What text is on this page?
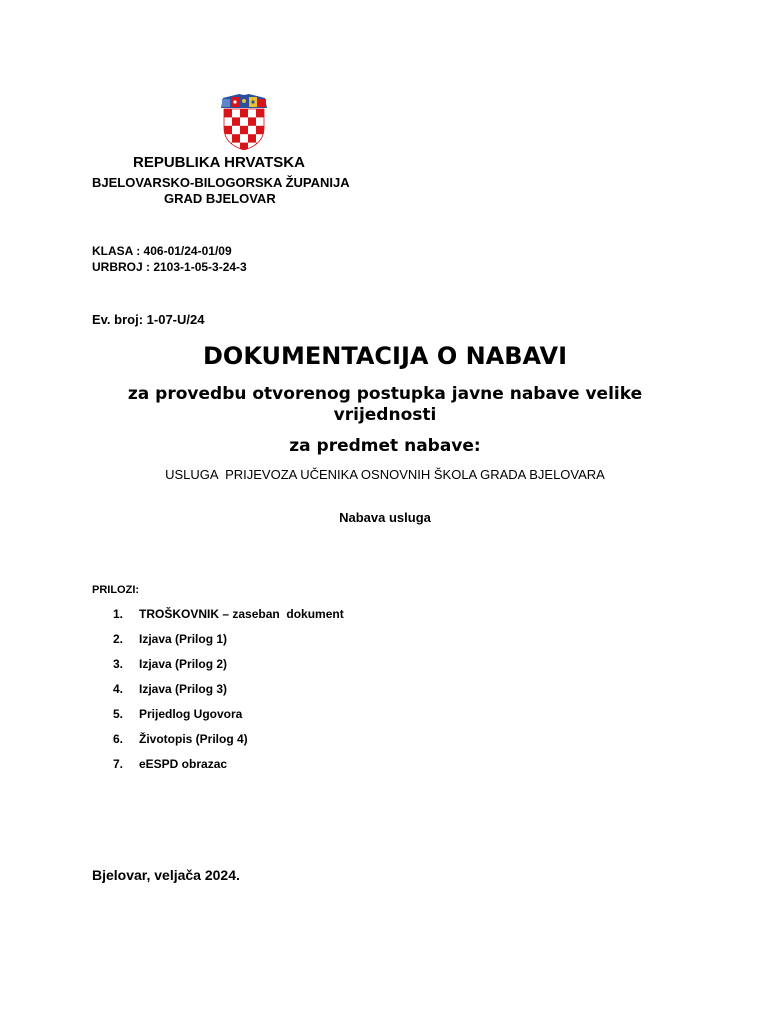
REPUBLIKA HRVATSKA
BJELOVARSKO-BILOGORSKA ŽUPANIJA
GRAD BJELOVAR
KLASA : 406-01/24-01/09
URBROJ : 2103-1-05-3-24-3
Ev. broj: 1-07-U/24
DOKUMENTACIJA O NABAVI
za provedbu otvorenog postupka javne nabave velike vrijednosti
za predmet nabave:
USLUGA  PRIJEVOZA UČENIKA OSNOVNIH ŠKOLA GRADA BJELOVARA
Nabava usluga
PRILOZI:
1.	TROŠKOVNIK – zaseban  dokument
2.	Izjava (Prilog 1)
3.	Izjava (Prilog 2)
4.	Izjava (Prilog 3)
5.	Prijedlog Ugovora
6.	Životopis (Prilog 4)
7.	eESPD obrazac
Bjelovar, veljača 2024.
